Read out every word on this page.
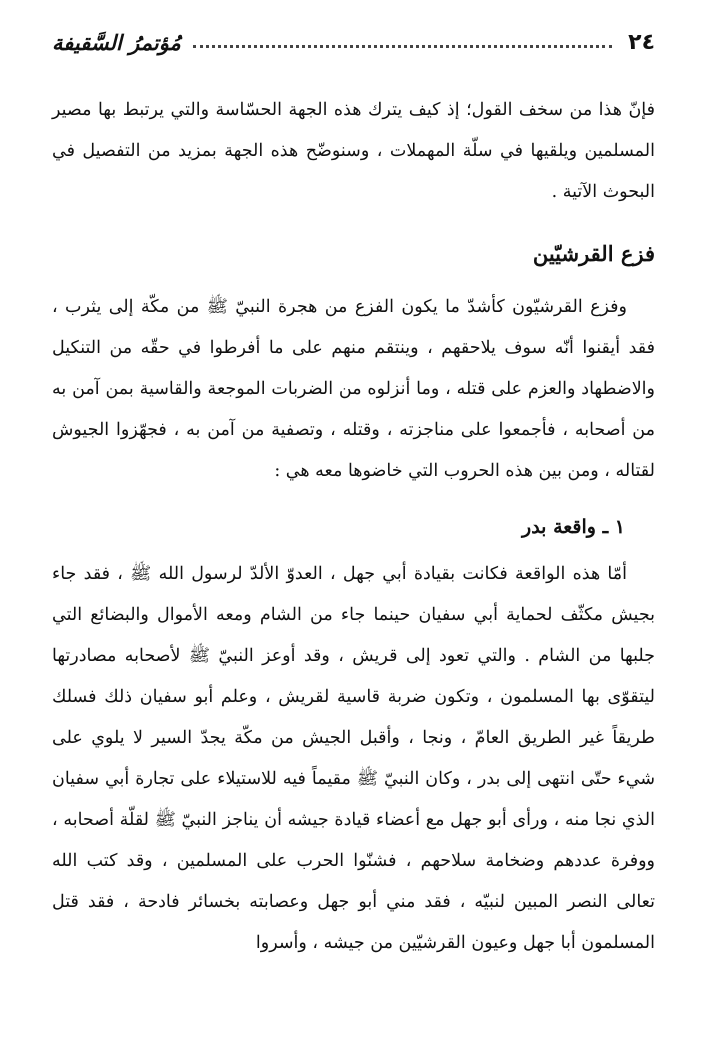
٢٤
مُؤتمرُ السَّقيفة

فإنّ هذا من سخف القول؛ إذ كيف يترك هذه الجهة الحسّاسة والتي يرتبط بها مصير المسلمين ويلقيها في سلّة المهملات ، وسنوضّح هذه الجهة بمزيد من التفصيل في البحوث الآتية .

فزع القرشيّين

وفزع القرشيّون كأشدّ ما يكون الفزع من هجرة النبيّ ﷺ من مكّة إلى يثرب ، فقد أيقنوا أنّه سوف يلاحقهم ، وينتقم منهم على ما أفرطوا في حقّه من التنكيل والاضطهاد والعزم على قتله ، وما أنزلوه من الضربات الموجعة والقاسية بمن آمن به من أصحابه ، فأجمعوا على مناجزته ، وقتله ، وتصفية من آمن به ، فجهّزوا الجيوش لقتاله ، ومن بين هذه الحروب التي خاضوها معه هي :

١ ـ واقعة بدر

أمّا هذه الواقعة فكانت بقيادة أبي جهل ، العدوّ الألدّ لرسول الله ﷺ ، فقد جاء بجيش مكثّف لحماية أبي سفيان حينما جاء من الشام ومعه الأموال والبضائع التي جلبها من الشام . والتي تعود إلى قريش ، وقد أوعز النبيّ ﷺ لأصحابه مصادرتها ليتقوّى بها المسلمون ، وتكون ضربة قاسية لقريش ، وعلم أبو سفيان ذلك فسلك طريقاً غير الطريق العامّ ، ونجا ، وأقبل الجيش من مكّة يجدّ السير لا يلوي على شيء حتّى انتهى إلى بدر ، وكان النبيّ ﷺ مقيماً فيه للاستيلاء على تجارة أبي سفيان الذي نجا منه ، ورأى أبو جهل مع أعضاء قيادة جيشه أن يناجز النبيّ ﷺ لقلّة أصحابه ، ووفرة عددهم وضخامة سلاحهم ، فشنّوا الحرب على المسلمين ، وقد كتب الله تعالى النصر المبين لنبيّه ، فقد مني أبو جهل وعصابته بخسائر فادحة ، فقد قتل المسلمون أبا جهل وعيون القرشيّين من جيشه ، وأسروا
